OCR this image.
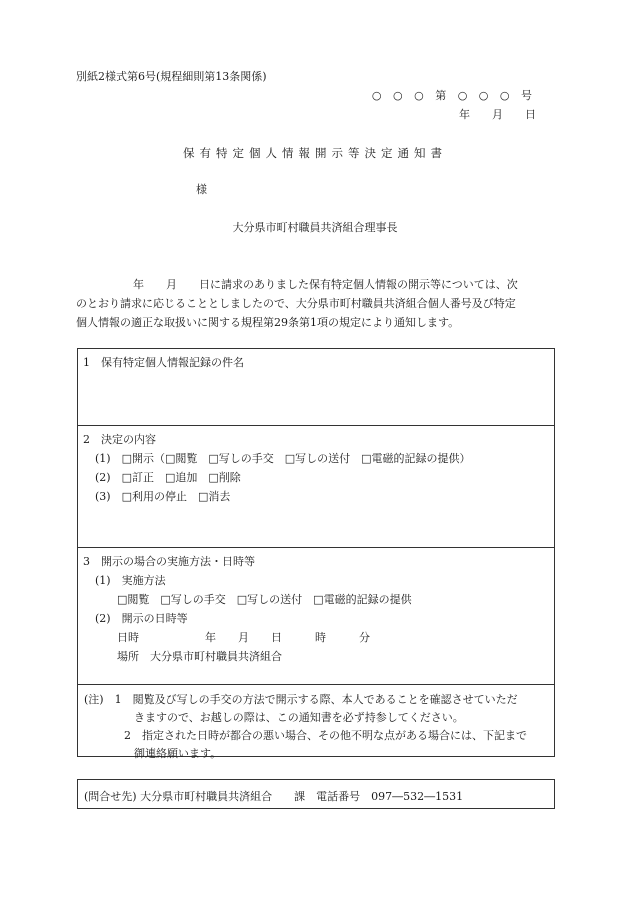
別紙2様式第6号(規程細則第13条関係)
○ ○ ○ 第 ○ ○ ○ 号
年　　月　　日
保有特定個人情報開示等決定通知書
様
大分県市町村職員共済組合理事長
年　　月　　日に請求のありました保有特定個人情報の開示等については、次
のとおり請求に応じることとしましたので、大分県市町村職員共済組合個人番号及び特定
個人情報の適正な取扱いに関する規程第29条第1項の規定により通知します。
1　保有特定個人情報記録の件名
2　決定の内容
(1)　□開示（□閲覧　□写しの手交　□写しの送付　□電磁的記録の提供）
(2)　□訂正　□追加　□削除
(3)　□利用の停止　□消去
3　開示の場合の実施方法・日時等
(1)　実施方法
□閲覧　□写しの手交　□写しの送付　□電磁的記録の提供
(2)　開示の日時等
日時　　　　　　年　　月　　日　　　時　　　分
場所　大分県市町村職員共済組合
(注)　1　閲覧及び写しの手交の方法で開示する際、本人であることを確認させていただ
きますので、お越しの際は、この通知書を必ず持参してください。
2　指定された日時が都合の悪い場合、その他不明な点がある場合には、下記まで
御連絡願います。
(問合せ先) 大分県市町村職員共済組合　　課　電話番号　097―532―1531
